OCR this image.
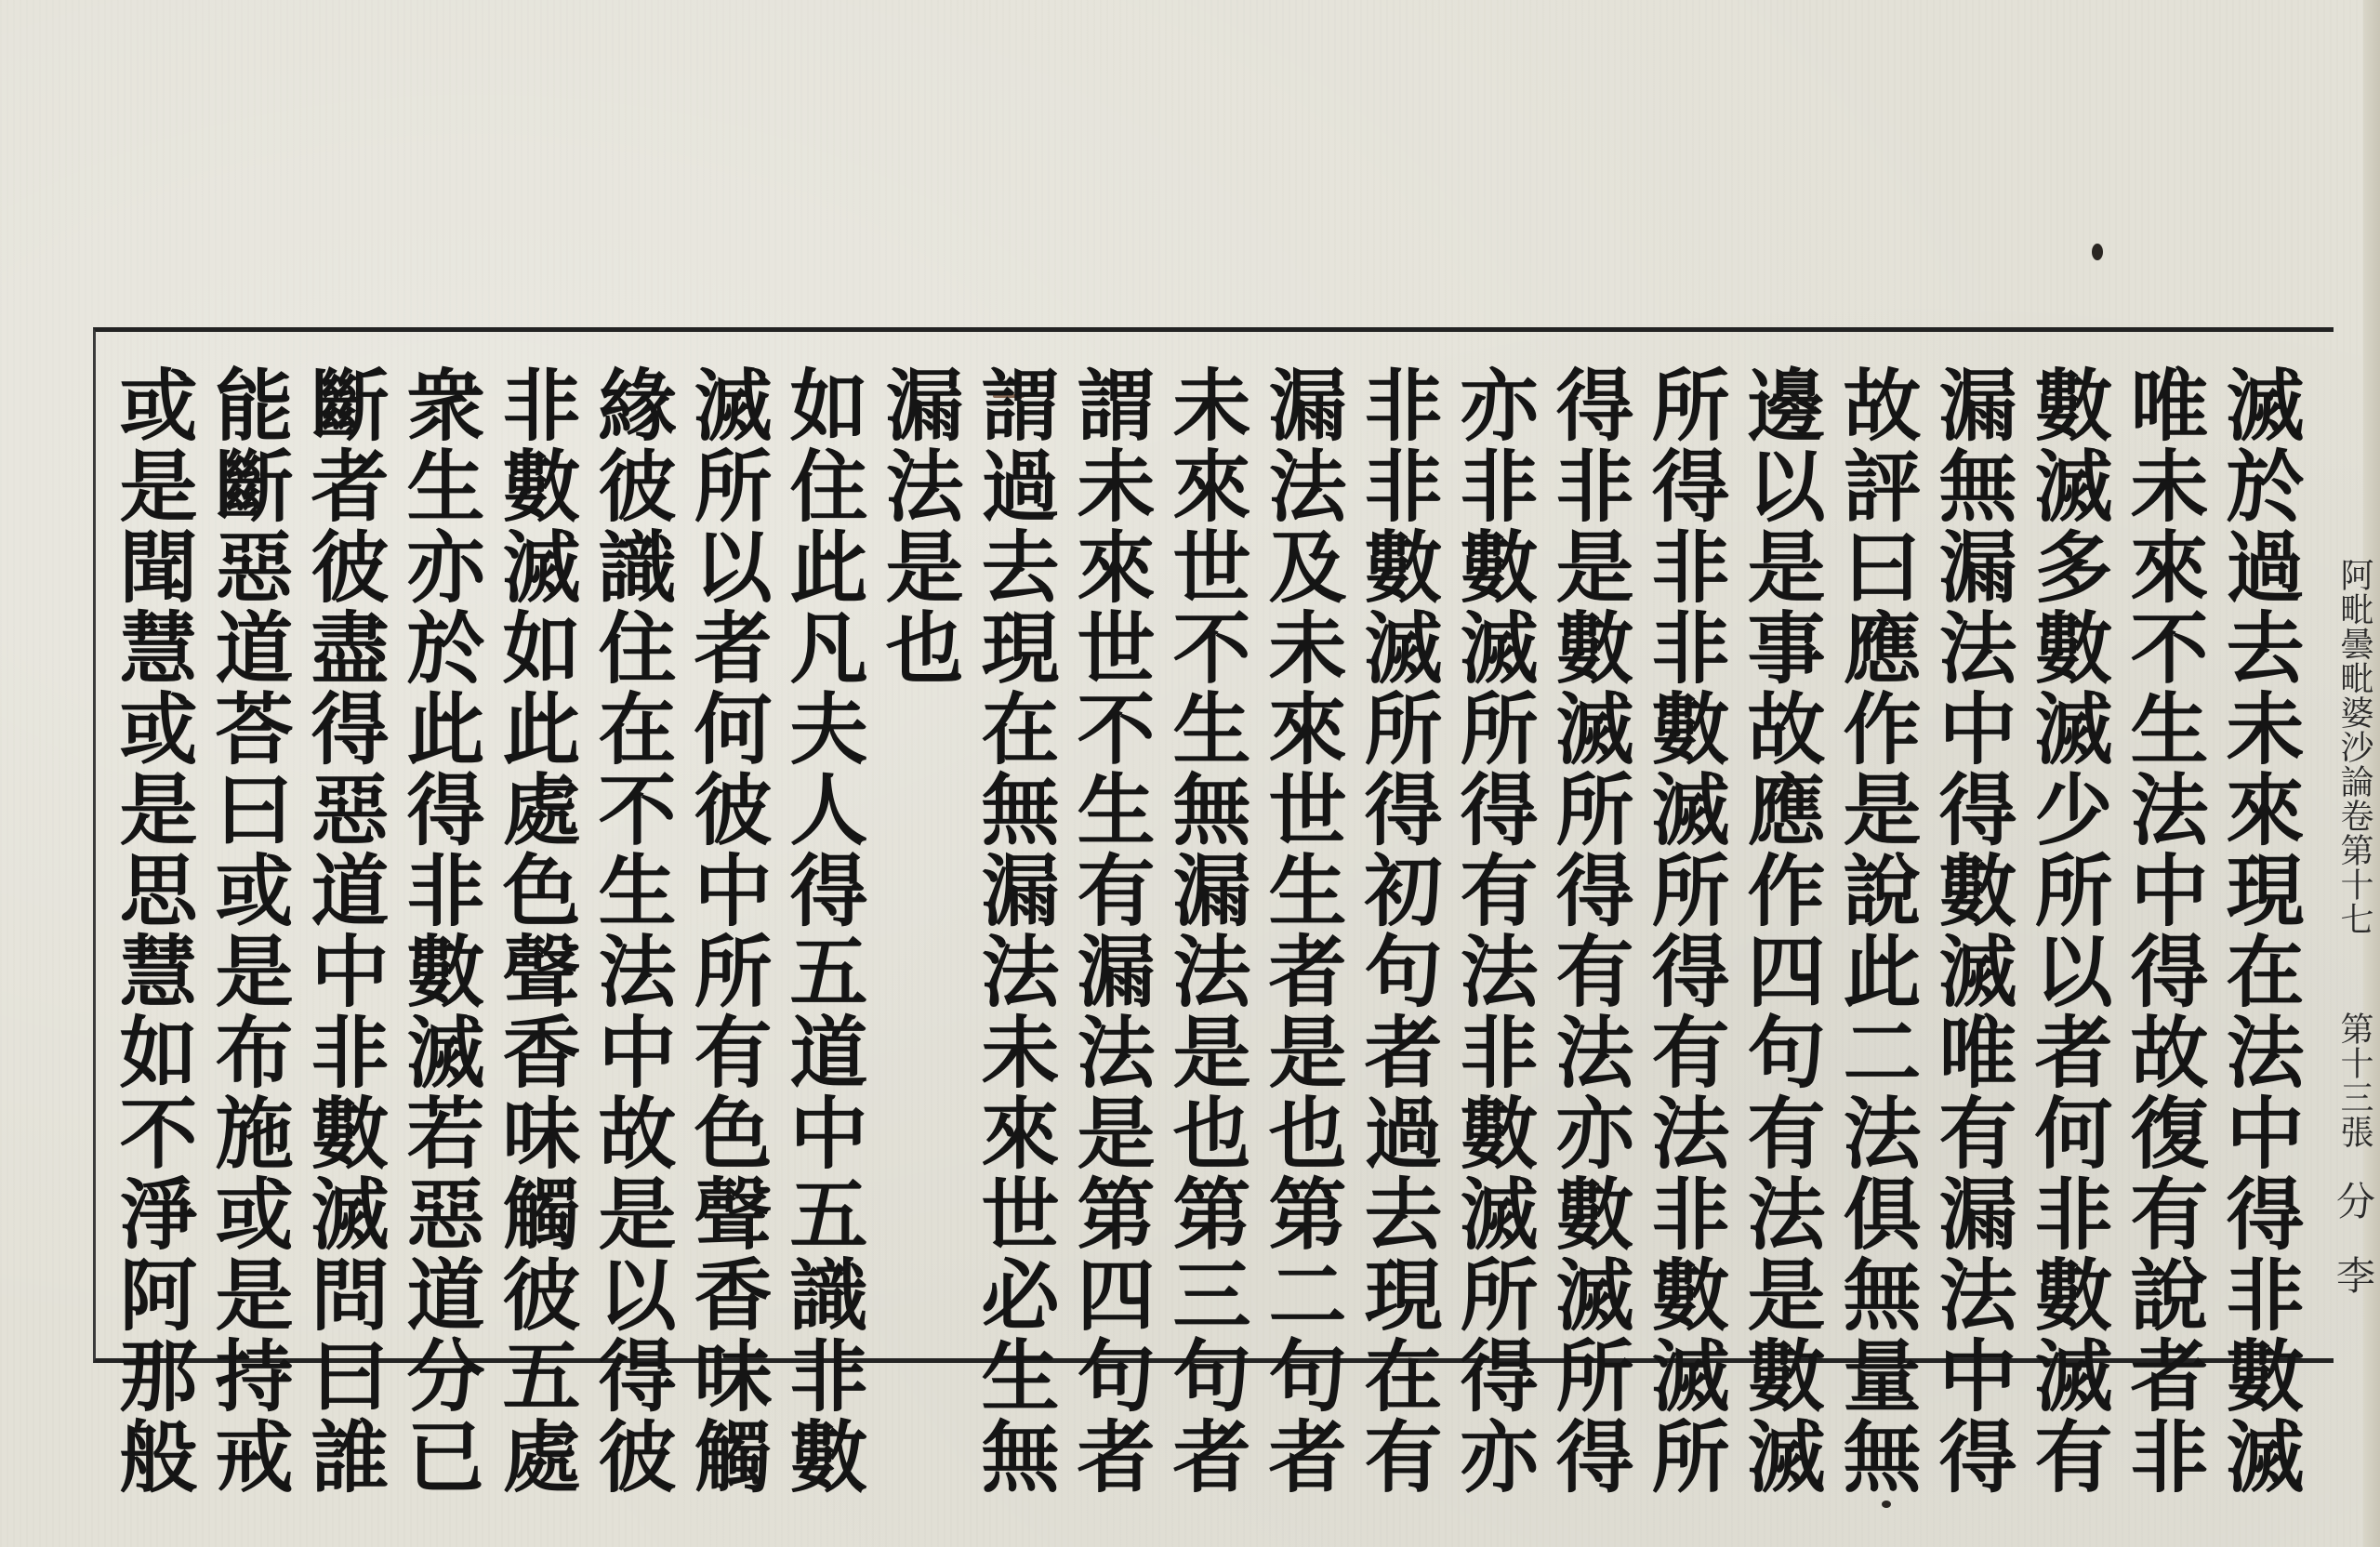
阿毗曇毗婆沙論卷第十七
第十三張
分
李
滅於過去未來現在法中得非數滅
唯未來不生法中得故復有說者非
數滅多數滅少所以者何非數滅有
漏無漏法中得數滅唯有漏法中得
故評曰應作是說此二法俱無量無
邊以是事故應作四句有法是數滅
所得非非數滅所得有法非數滅所
得非是數滅所得有法亦數滅所得
亦非數滅所得有法非數滅所得亦
非非數滅所得初句者過去現在有
漏法及未來世生者是也第二句者
未來世不生無漏法是也第三句者
謂未來世不生有漏法是第四句者
謂過去現在無漏法未來世必生無
漏法是也
如住此凡夫人得五道中五識非數
滅所以者何彼中所有色聲香味觸
緣彼識住在不生法中故是以得彼
非數滅如此處色聲香味觸彼五處
衆生亦於此得非數滅若惡道分已
斷者彼盡得惡道中非數滅問曰誰
能斷惡道荅曰或是布施或是持戒
或是聞慧或是思慧如不淨阿那般
